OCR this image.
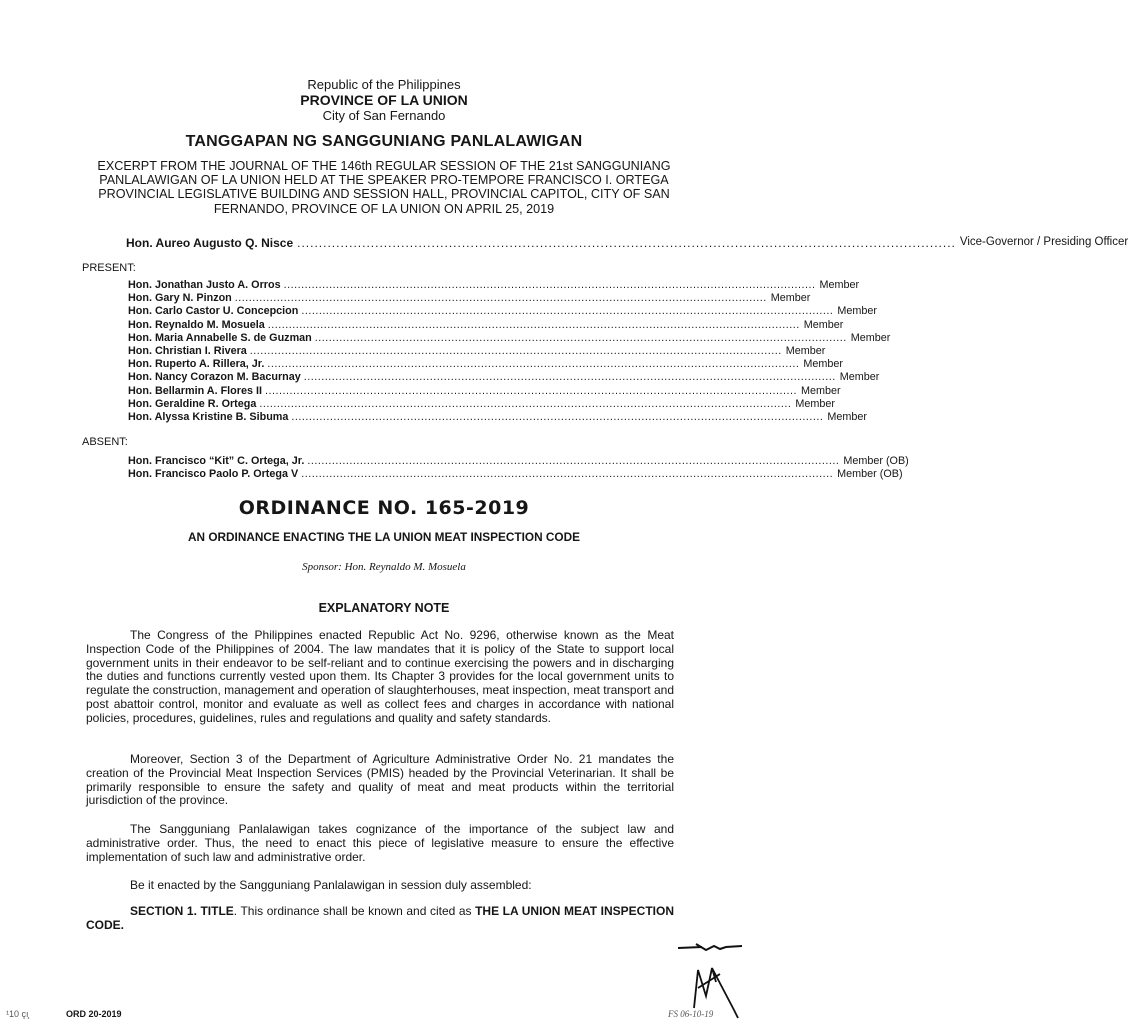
Republic of the Philippines
PROVINCE OF LA UNION
City of San Fernando
TANGGAPAN NG SANGGUNIANG PANLALAWIGAN
EXCERPT FROM THE JOURNAL OF THE 146th REGULAR SESSION OF THE 21st SANGGUNIANG PANLALAWIGAN OF LA UNION HELD AT THE SPEAKER PRO-TEMPORE FRANCISCO I. ORTEGA PROVINCIAL LEGISLATIVE BUILDING AND SESSION HALL, PROVINCIAL CAPITOL, CITY OF SAN FERNANDO, PROVINCE OF LA UNION ON APRIL 25, 2019
Hon. Aureo Augusto Q. Nisce ........................................................................................................................................................ Vice-Governor / Presiding Officer
PRESENT:
Hon. Jonathan Justo A. Orros ........................................................................................................................................................ Member
Hon. Gary N. Pinzon ........................................................................................................................................................ Member
Hon. Carlo Castor U. Concepcion ........................................................................................................................................................ Member
Hon. Reynaldo M. Mosuela ........................................................................................................................................................ Member
Hon. Maria Annabelle S. de Guzman ........................................................................................................................................................ Member
Hon. Christian I. Rivera ........................................................................................................................................................ Member
Hon. Ruperto A. Rillera, Jr. ........................................................................................................................................................ Member
Hon. Nancy Corazon M. Bacurnay ........................................................................................................................................................ Member
Hon. Bellarmin A. Flores II ........................................................................................................................................................ Member
Hon. Geraldine R. Ortega ........................................................................................................................................................ Member
Hon. Alyssa Kristine B. Sibuma ........................................................................................................................................................ Member
ABSENT:
Hon. Francisco “Kit” C. Ortega, Jr. ........................................................................................................................................................ Member (OB)
Hon. Francisco Paolo P. Ortega V ........................................................................................................................................................ Member (OB)
ORDINANCE NO. 165-2019
AN ORDINANCE ENACTING THE LA UNION MEAT INSPECTION CODE
Sponsor: Hon. Reynaldo M. Mosuela
EXPLANATORY NOTE
The Congress of the Philippines enacted Republic Act No. 9296, otherwise known as the Meat Inspection Code of the Philippines of 2004. The law mandates that it is policy of the State to support local government units in their endeavor to be self-reliant and to continue exercising the powers and in discharging the duties and functions currently vested upon them. Its Chapter 3 provides for the local government units to regulate the construction, management and operation of slaughterhouses, meat inspection, meat transport and post abattoir control, monitor and evaluate as well as collect fees and charges in accordance with national policies, procedures, guidelines, rules and regulations and quality and safety standards.
Moreover, Section 3 of the Department of Agriculture Administrative Order No. 21 mandates the creation of the Provincial Meat Inspection Services (PMIS) headed by the Provincial Veterinarian. It shall be primarily responsible to ensure the safety and quality of meat and meat products within the territorial jurisdiction of the province.
The Sangguniang Panlalawigan takes cognizance of the importance of the subject law and administrative order. Thus, the need to enact this piece of legislative measure to ensure the effective implementation of such law and administrative order.
Be it enacted by the Sangguniang Panlalawigan in session duly assembled:
SECTION 1. TITLE. This ordinance shall be known and cited as THE LA UNION MEAT INSPECTION CODE.
¹10 çı̧	ORD 20-2019	FS 06-10-19
